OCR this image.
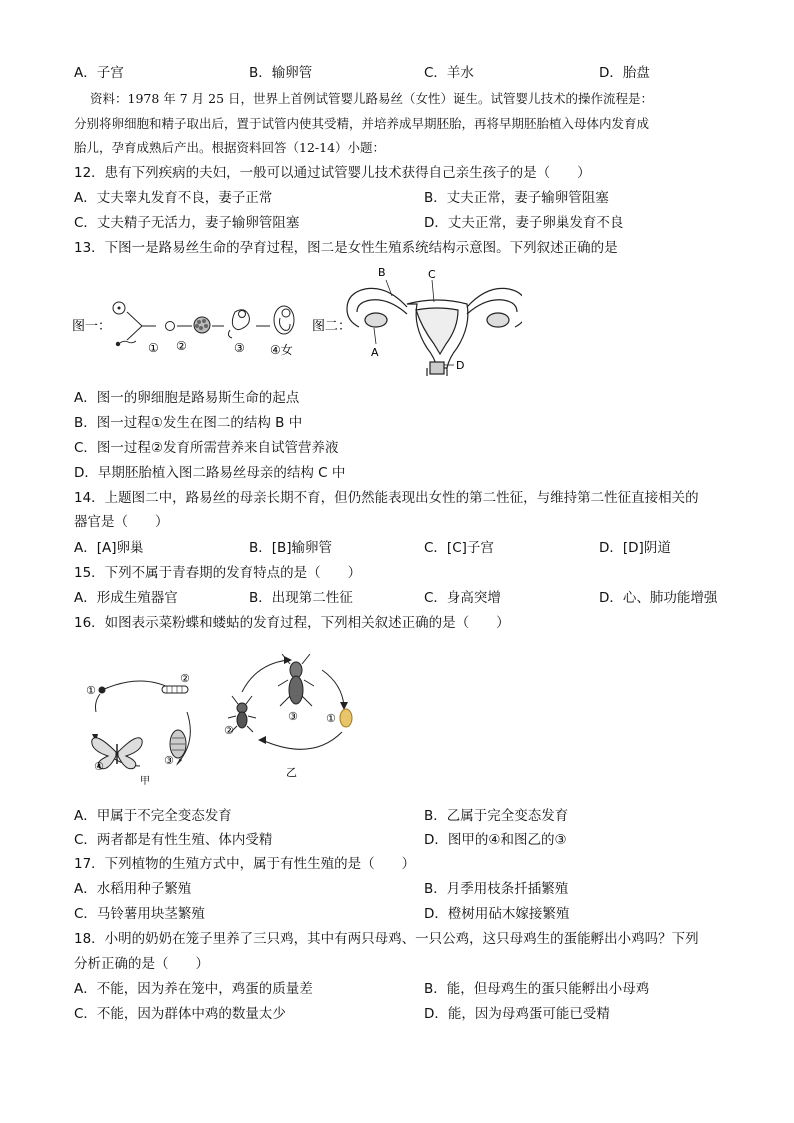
A．子宫	B．输卵管	C．羊水	D．胎盘
资料：1978 年 7 月 25 日，世界上首例试管婴儿路易丝（女性）诞生。试管婴儿技术的操作流程是：
分别将卵细胞和精子取出后，置于试管内使其受精，并培养成早期胚胎，再将早期胚胎植入母体内发育成
胎儿，孕育成熟后产出。根据资料回答（12-14）小题：
12．患有下列疾病的夫妇，一般可以通过试管婴儿技术获得自己亲生孩子的是（　　）
A．丈夫睾丸发育不良，妻子正常	B．丈夫正常，妻子输卵管阻塞
C．丈夫精子无活力，妻子输卵管阻塞	D．丈夫正常，妻子卵巢发育不良
13．下图一是路易丝生命的孕育过程，图二是女性生殖系统结构示意图。下列叙述正确的是
图一：
① ②	③ ④女
图二：
B	C
A
D
A．图一的卵细胞是路易斯生命的起点
B．图一过程①发生在图二的结构 B 中
C．图一过程②发育所需营养来自试管营养液
D．早期胚胎植入图二路易丝母亲的结构 C 中
14．上题图二中，路易丝的母亲长期不育，但仍然能表现出女性的第二性征，与维持第二性征直接相关的
器官是（　　）
A．[A]卵巢	B．[B]输卵管	C．[C]子宫	D．[D]阴道
15．下列不属于青春期的发育特点的是（　　）
A．形成生殖器官	B．出现第二性征	C．身高突增	D．心、肺功能增强
16．如图表示菜粉蝶和蝼蛄的发育过程，下列相关叙述正确的是（　　）
①
②
③
④
甲
③	①
②
乙
A．甲属于不完全变态发育	B．乙属于完全变态发育
C．两者都是有性生殖、体内受精	D．图甲的④和图乙的③
17．下列植物的生殖方式中，属于有性生殖的是（　　）
A．水稻用种子繁殖	B．月季用枝条扦插繁殖
C．马铃薯用块茎繁殖	D．橙树用砧木嫁接繁殖
18．小明的奶奶在笼子里养了三只鸡，其中有两只母鸡、一只公鸡，这只母鸡生的蛋能孵出小鸡吗？下列
分析正确的是（　　）
A．不能，因为养在笼中，鸡蛋的质量差	B．能，但母鸡生的蛋只能孵出小母鸡
C．不能，因为群体中鸡的数量太少	D．能，因为母鸡蛋可能已受精
